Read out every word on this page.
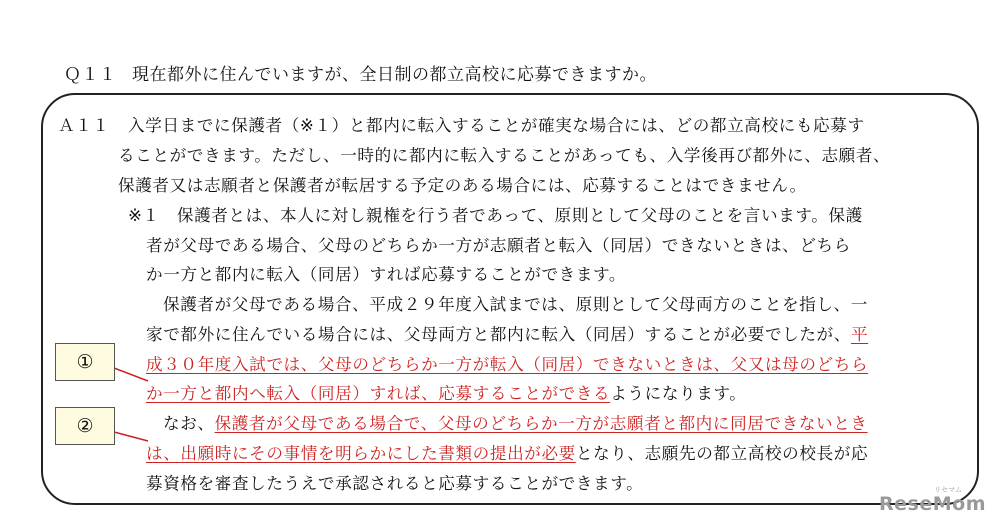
Ｑ１１ 現在都外に住んでいますが、全日制の都立高校に応募できますか。
Ａ１１ 入学日までに保護者（※１）と都内に転入することが確実な場合には、どの都立高校にも応募す
ることができます。ただし、一時的に都内に転入することがあっても、入学後再び都外に、志願者、
保護者又は志願者と保護者が転居する予定のある場合には、応募することはできません。
※１　保護者とは、本人に対し親権を行う者であって、原則として父母のことを言います。保護
者が父母である場合、父母のどちらか一方が志願者と転入（同居）できないときは、どちら
か一方と都内に転入（同居）すれば応募することができます。
保護者が父母である場合、平成２９年度入試までは、原則として父母両方のことを指し、一
家で都外に住んでいる場合には、父母両方と都内に転入（同居）することが必要でしたが、平
成３０年度入試では、父母のどちらか一方が転入（同居）できないときは、父又は母のどちら
か一方と都内へ転入（同居）すれば、応募することができるようになります。
なお、保護者が父母である場合で、父母のどちらか一方が志願者と都内に同居できないとき
は、出願時にその事情を明らかにした書類の提出が必要となり、志願先の都立高校の校長が応
募資格を審査したうえで承認されると応募することができます。
①
②
リセマム
ReseMom
